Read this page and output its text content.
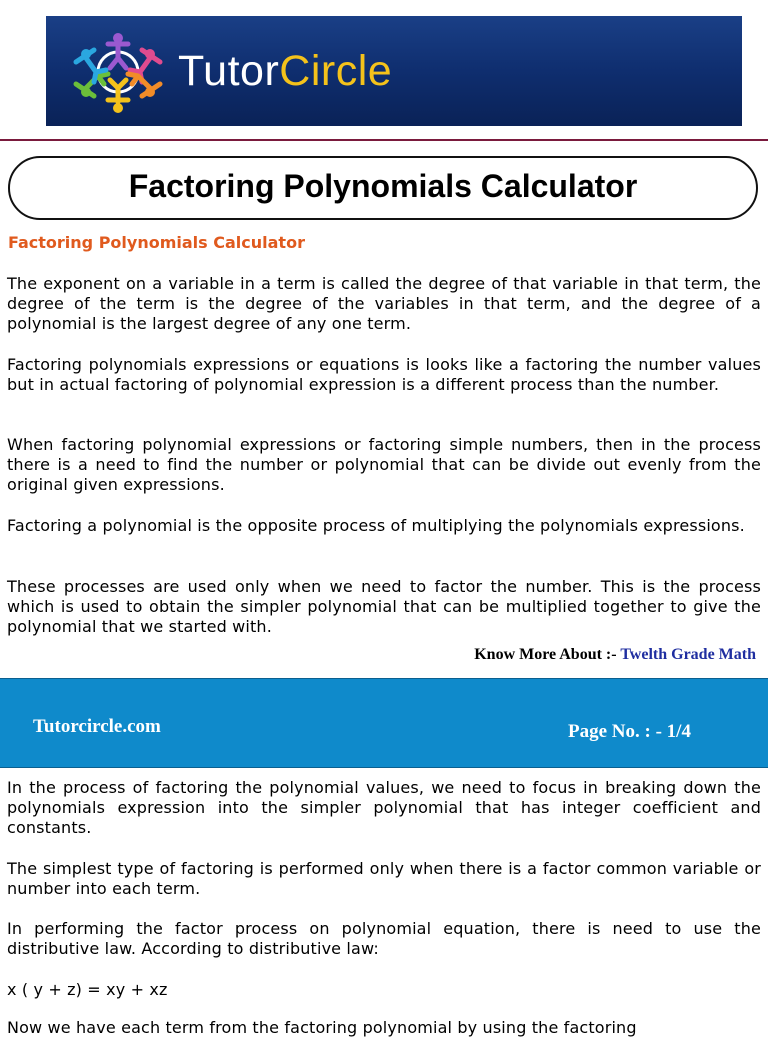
TutorCircle
Factoring Polynomials Calculator
Factoring Polynomials Calculator

The exponent on a variable in a term is called the degree of that variable in that term, the degree of the term is the degree of the variables in that term, and the degree of a polynomial is the largest degree of any one term.

Factoring polynomials expressions or equations is looks like a factoring the number values but in actual factoring of polynomial expression is a different process than the number.

When factoring polynomial expressions or factoring simple numbers, then in the process there is a need to find the number or polynomial that can be divide out evenly from the original given expressions.

Factoring a polynomial is the opposite process of multiplying the polynomials expressions.

These processes are used only when we need to factor the number. This is the process which is used to obtain the simpler polynomial that can be multiplied together to give the polynomial that we started with.

Know More About :- Twelth Grade Math
Tutorcircle.com	Page No. : - 1/4

In the process of factoring the polynomial values, we need to focus in breaking down the polynomials expression into the simpler polynomial that has integer coefficient and constants.

The simplest type of factoring is performed only when there is a factor common variable or number into each term.

In performing the factor process on polynomial equation, there is need to use the distributive law. According to distributive law:

x ( y + z) = xy + xz

Now we have each term from the factoring polynomial by using the factoring
